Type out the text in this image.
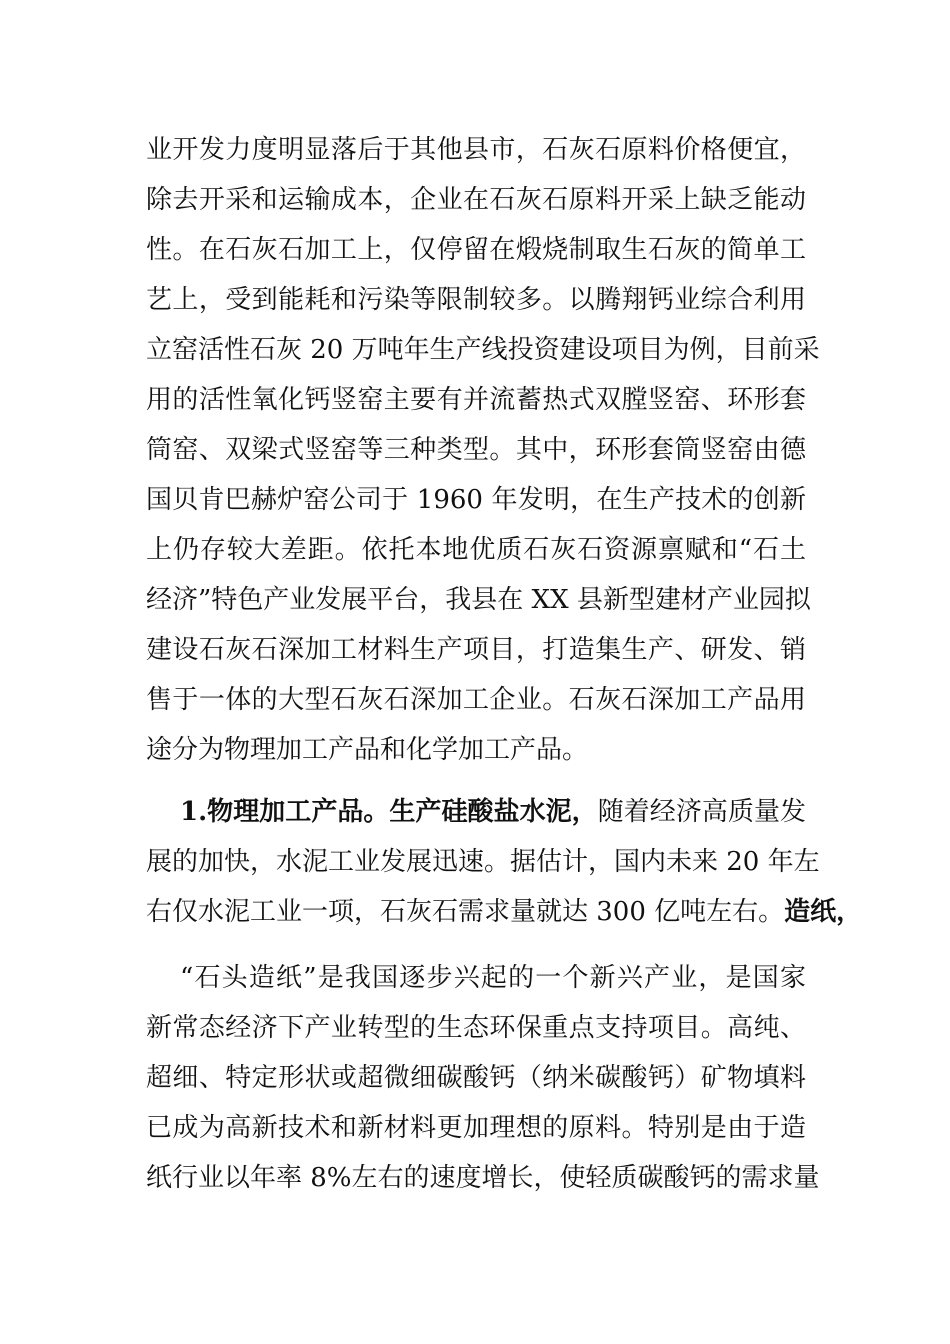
业开发力度明显落后于其他县市，石灰石原料价格便宜，
除去开采和运输成本，企业在石灰石原料开采上缺乏能动
性。在石灰石加工上，仅停留在煅烧制取生石灰的简单工
艺上，受到能耗和污染等限制较多。以腾翔钙业综合利用
立窑活性石灰 20 万吨年生产线投资建设项目为例，目前采
用的活性氧化钙竖窑主要有并流蓄热式双膛竖窑、环形套
筒窑、双梁式竖窑等三种类型。其中，环形套筒竖窑由德
国贝肯巴赫炉窑公司于 1960 年发明，在生产技术的创新
上仍存较大差距。依托本地优质石灰石资源禀赋和“石土
经济”特色产业发展平台，我县在 XX 县新型建材产业园拟
建设石灰石深加工材料生产项目，打造集生产、研发、销
售于一体的大型石灰石深加工企业。石灰石深加工产品用
途分为物理加工产品和化学加工产品。
1.物理加工产品。生产硅酸盐水泥，随着经济高质量发
展的加快，水泥工业发展迅速。据估计，国内未来 20 年左
右仅水泥工业一项，石灰石需求量就达 300 亿吨左右。造纸，
“石头造纸”是我国逐步兴起的一个新兴产业，是国家
新常态经济下产业转型的生态环保重点支持项目。高纯、
超细、特定形状或超微细碳酸钙（纳米碳酸钙）矿物填料
已成为高新技术和新材料更加理想的原料。特别是由于造
纸行业以年率 8%左右的速度增长，使轻质碳酸钙的需求量
